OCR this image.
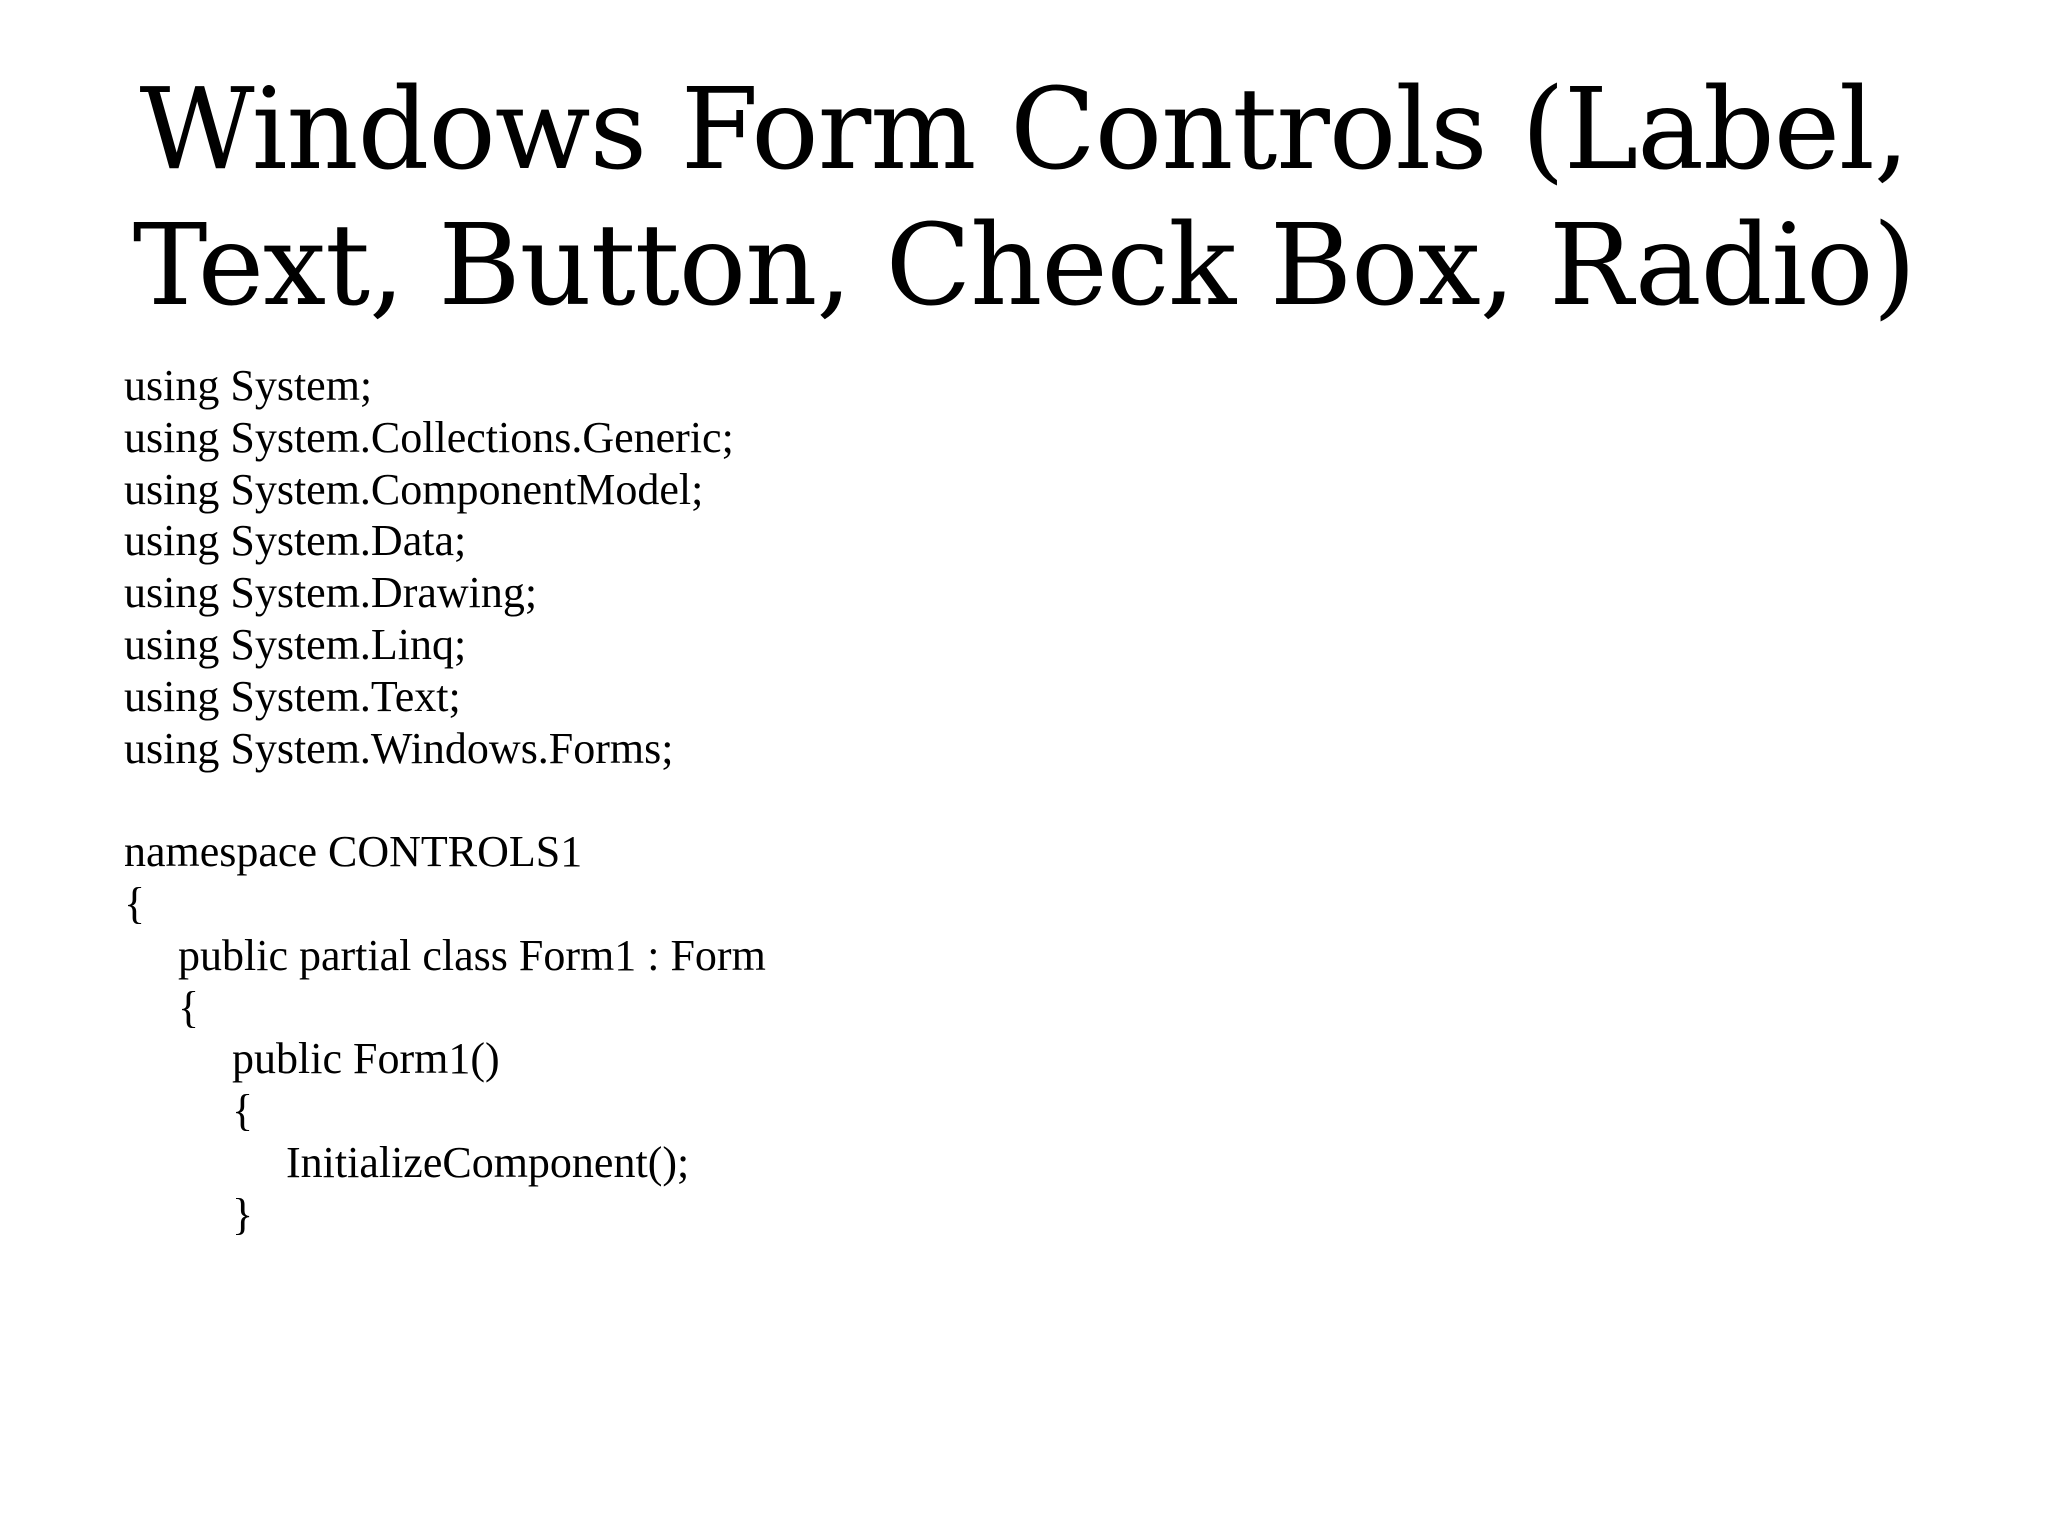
Windows Form Controls (Label,
Text, Button, Check Box, Radio)
using System;
using System.Collections.Generic;
using System.ComponentModel;
using System.Data;
using System.Drawing;
using System.Linq;
using System.Text;
using System.Windows.Forms;
namespace CONTROLS1
{
public partial class Form1 : Form
{
public Form1()
{
InitializeComponent();
}
